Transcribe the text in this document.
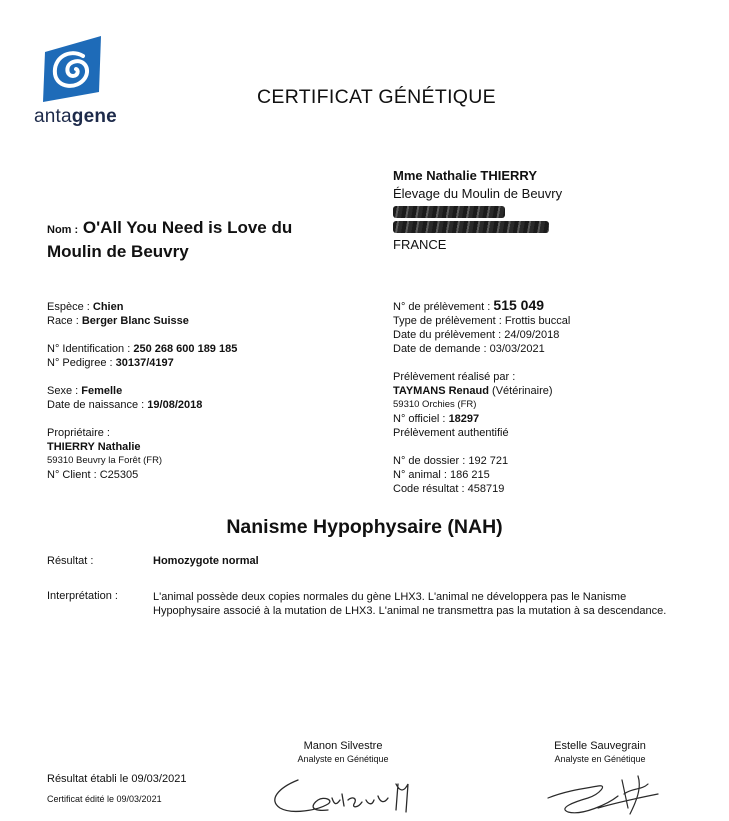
antagene
CERTIFICAT GÉNÉTIQUE
Mme Nathalie THIERRY
Élevage du Moulin de Beuvry
FRANCE
Nom : O'All You Need is Love du
Moulin de Beuvry
Espèce : Chien
Race : Berger Blanc Suisse
N° Identification : 250 268 600 189 185
N° Pedigree : 30137/4197
Sexe : Femelle
Date de naissance : 19/08/2018
Propriétaire :
THIERRY Nathalie
59310 Beuvry la Forêt (FR)
N° Client : C25305
N° de prélèvement : 515 049
Type de prélèvement : Frottis buccal
Date du prélèvement : 24/09/2018
Date de demande : 03/03/2021
Prélèvement réalisé par :
TAYMANS Renaud (Vétérinaire)
59310 Orchies (FR)
N° officiel : 18297
Prélèvement authentifié
N° de dossier : 192 721
N° animal : 186 215
Code résultat : 458719
Nanisme Hypophysaire (NAH)
Résultat :	Homozygote normal
Interprétation :	L'animal possède deux copies normales du gène LHX3. L'animal ne développera pas le Nanisme
Hypophysaire associé à la mutation de LHX3. L'animal ne transmettra pas la mutation à sa descendance.
Manon Silvestre
Analyste en Génétique
Estelle Sauvegrain
Analyste en Génétique
Résultat établi le 09/03/2021
Certificat édité le 09/03/2021
